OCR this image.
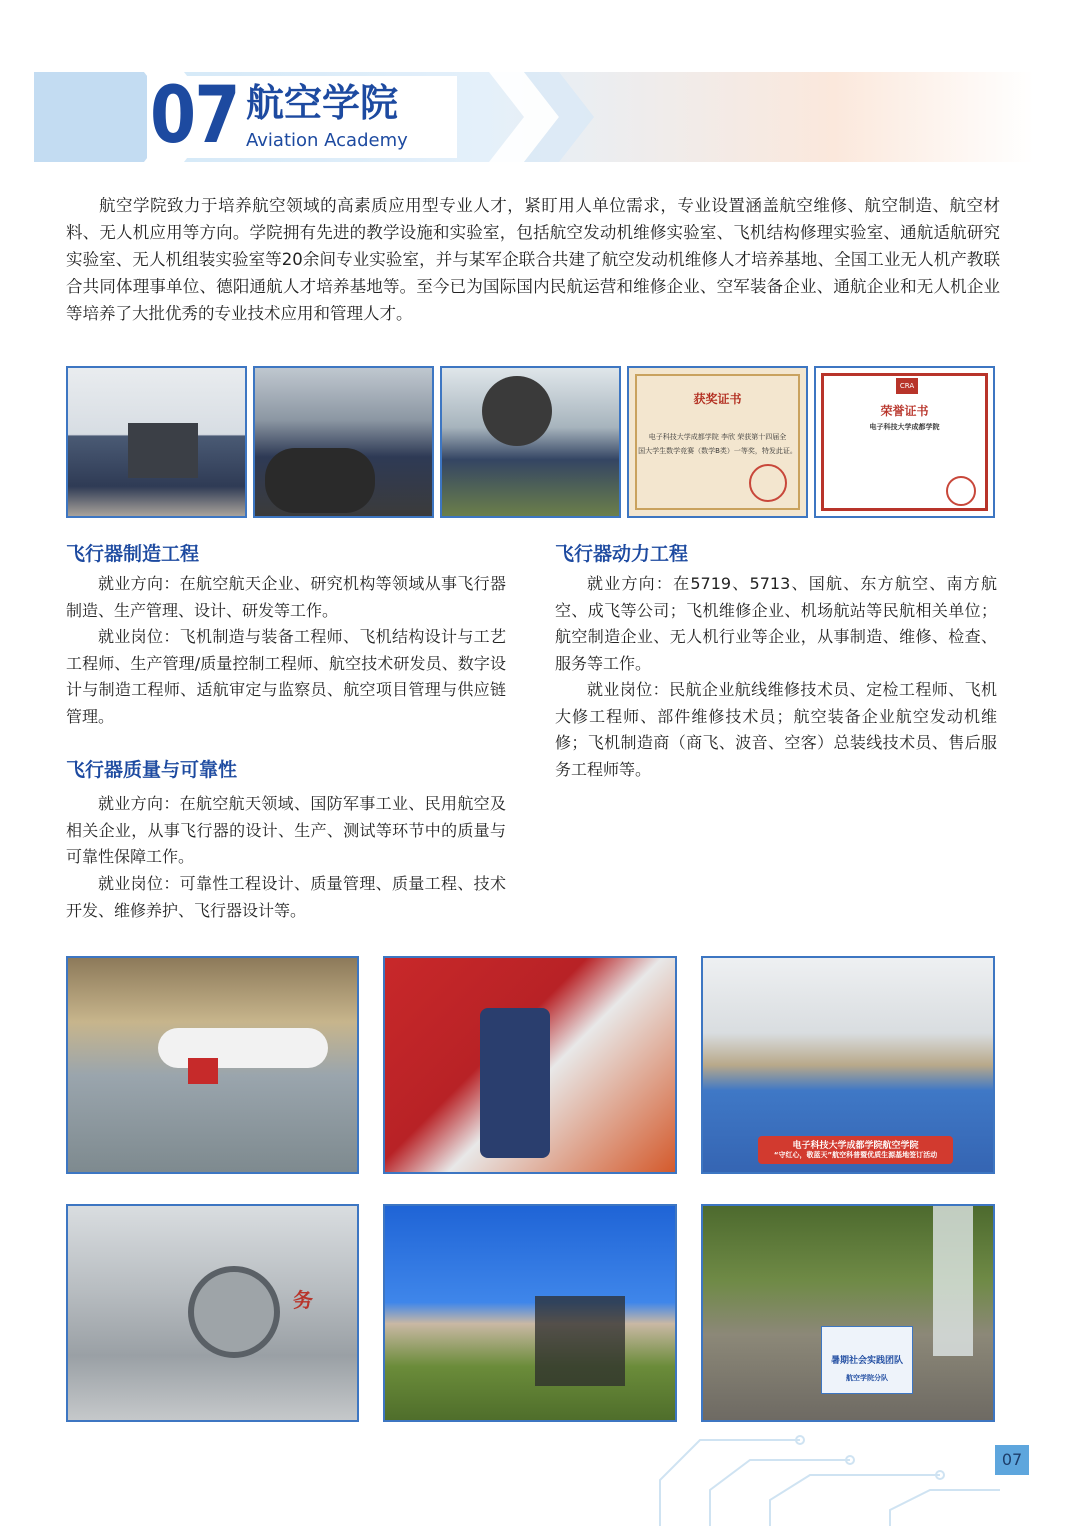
07 航空学院
Aviation Academy
航空学院致力于培养航空领域的高素质应用型专业人才，紧盯用人单位需求，专业设置涵盖航空维修、航空制造、航空材料、无人机应用等方向。学院拥有先进的教学设施和实验室，包括航空发动机维修实验室、飞机结构修理实验室、通航适航研究实验室、无人机组装实验室等20余间专业实验室，并与某军企联合共建了航空发动机维修人才培养基地、全国工业无人机产教联合共同体理事单位、德阳通航人才培养基地等。至今已为国际国内民航运营和维修企业、空军装备企业、通航企业和无人机企业等培养了大批优秀的专业技术应用和管理人才。
获奖证书
电子科技大学成都学院 李欣 荣获第十四届全
国大学生数学竞赛（数学B类）一等奖，特发此证。
CRA
荣誉证书
电子科技大学成都学院
飞行器制造工程
就业方向：在航空航天企业、研究机构等领域从事飞行器制造、生产管理、设计、研发等工作。
就业岗位：飞机制造与装备工程师、飞机结构设计与工艺工程师、生产管理/质量控制工程师、航空技术研发员、数字设计与制造工程师、适航审定与监察员、航空项目管理与供应链管理。
飞行器质量与可靠性
就业方向：在航空航天领域、国防军事工业、民用航空及相关企业，从事飞行器的设计、生产、测试等环节中的质量与可靠性保障工作。
就业岗位：可靠性工程设计、质量管理、质量工程、技术开发、维修养护、飞行器设计等。
飞行器动力工程
就业方向：在5719、5713、国航、东方航空、南方航空、成飞等公司；飞机维修企业、机场航站等民航相关单位；航空制造企业、无人机行业等企业，从事制造、维修、检查、服务等工作。
就业岗位：民航企业航线维修技术员、定检工程师、飞机大修工程师、部件维修技术员；航空装备企业航空发动机维修；飞机制造商（商飞、波音、空客）总装线技术员、售后服务工程师等。
电子科技大学成都学院航空学院
“守红心，敬蓝天”航空科普暨优质生源基地签订活动
务
暑期社会实践团队
航空学院分队
07
